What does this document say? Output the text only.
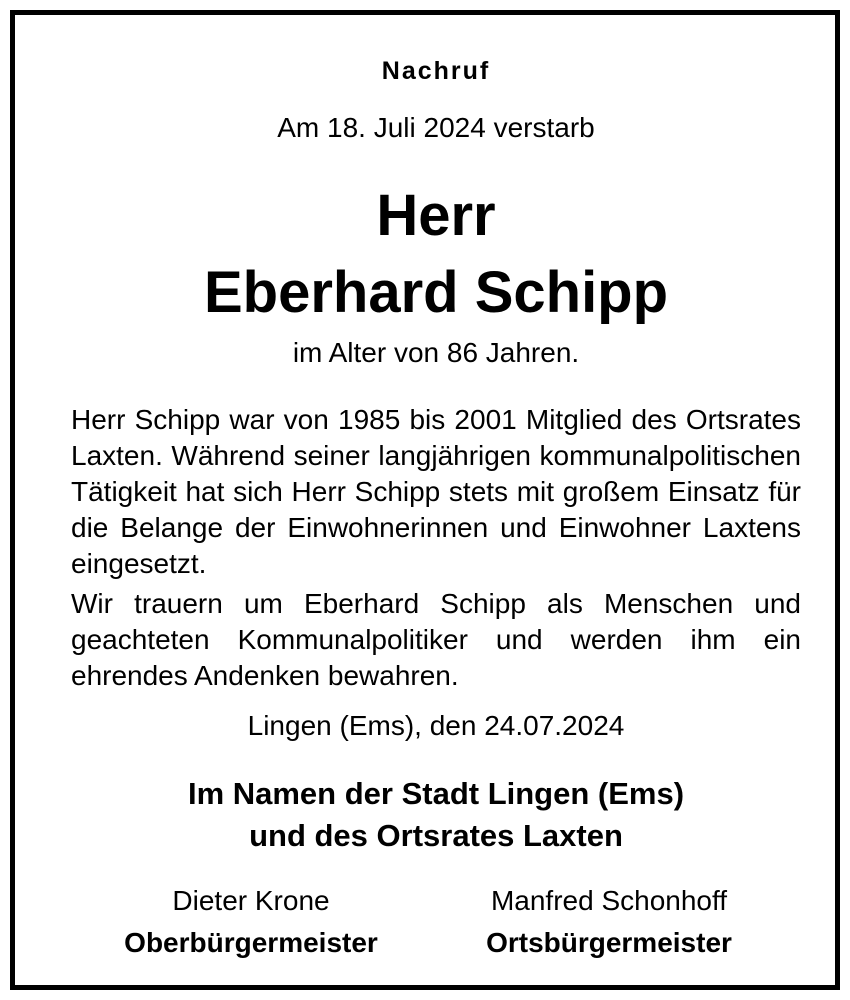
Nachruf
Am 18. Juli 2024 verstarb
Herr
Eberhard Schipp
im Alter von 86 Jahren.
Herr Schipp war von 1985 bis 2001 Mitglied des Ortsrates Laxten. Während seiner langjährigen kommunalpolitischen Tätigkeit hat sich Herr Schipp stets mit großem Einsatz für die Belange der Einwohnerinnen und Einwohner Laxtens eingesetzt.
Wir trauern um Eberhard Schipp als Menschen und geachteten Kommunalpolitiker und werden ihm ein ehrendes Andenken bewahren.
Lingen (Ems), den 24.07.2024
Im Namen der Stadt Lingen (Ems)
und des Ortsrates Laxten
Dieter Krone
Oberbürgermeister
Manfred Schonhoff
Ortsbürgermeister
